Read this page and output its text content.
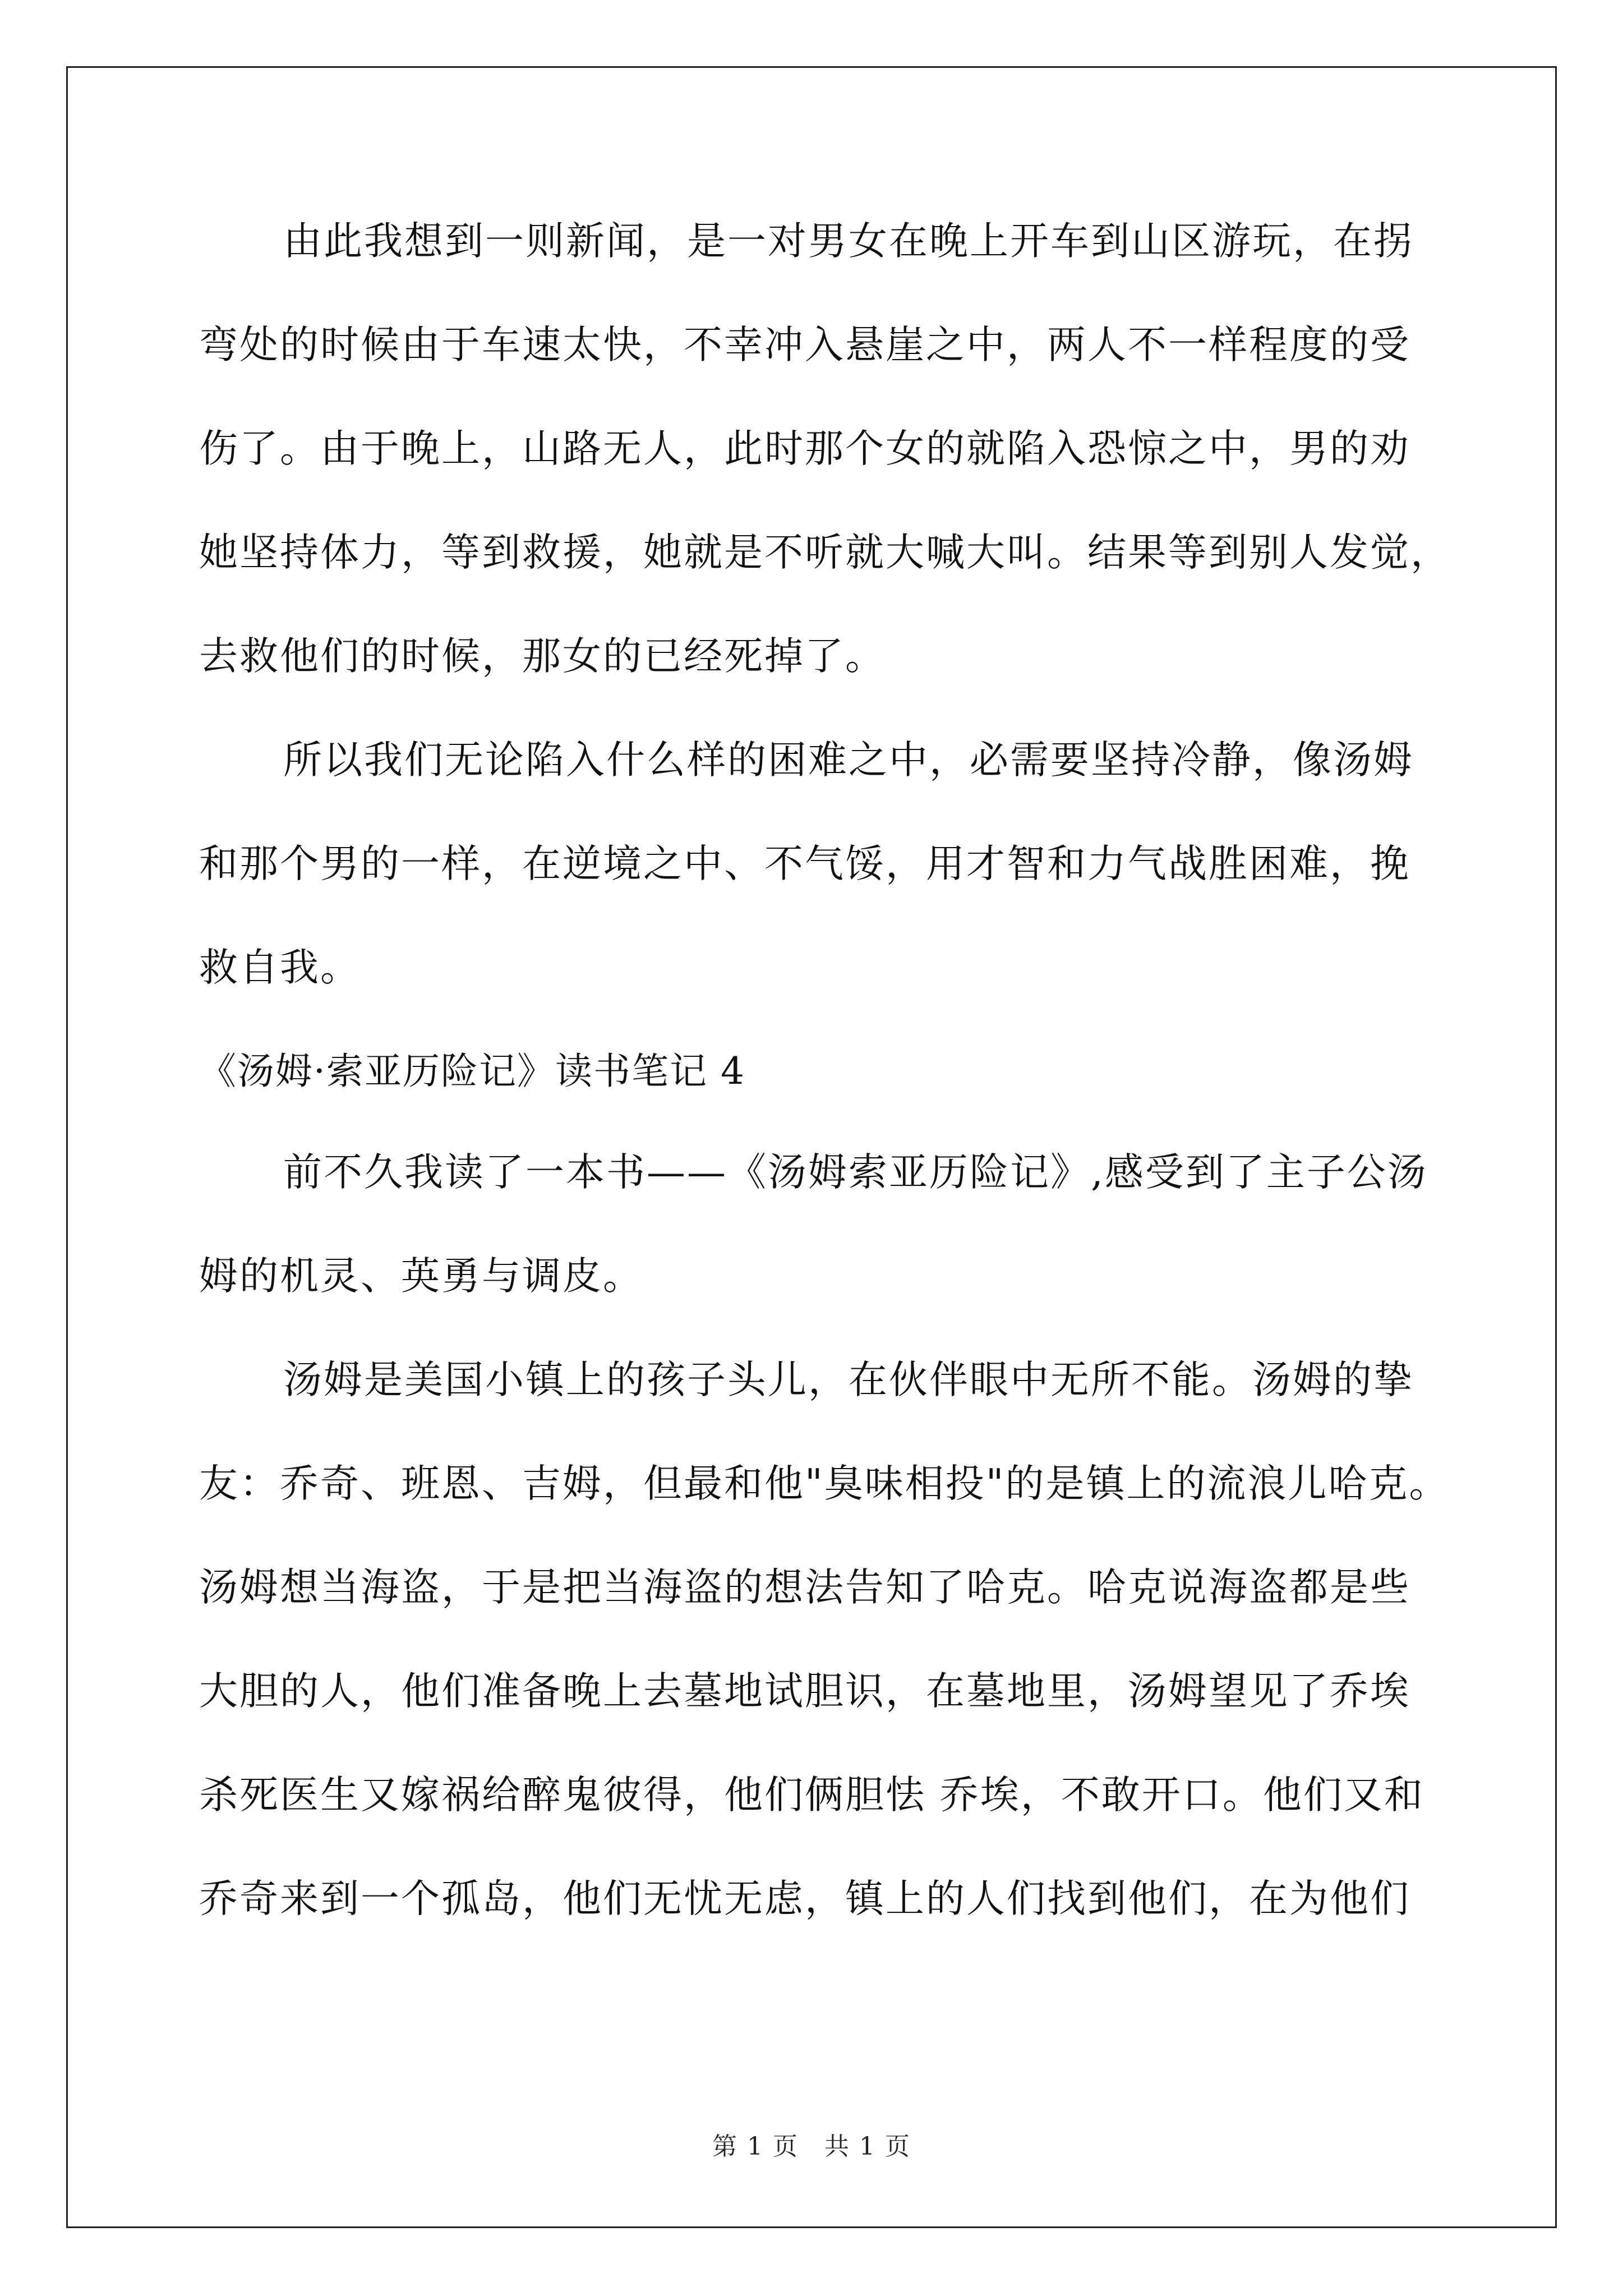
由此我想到一则新闻，是一对男女在晚上开车到山区游玩，在拐
弯处的时候由于车速太快，不幸冲入悬崖之中，两人不一样程度的受
伤了。由于晚上，山路无人，此时那个女的就陷入恐惊之中，男的劝
她坚持体力，等到救援，她就是不听就大喊大叫。结果等到别人发觉，
去救他们的时候，那女的已经死掉了。
所以我们无论陷入什么样的困难之中，必需要坚持冷静，像汤姆
和那个男的一样，在逆境之中、不气馁，用才智和力气战胜困难，挽
救自我。
《汤姆·索亚历险记》读书笔记 4
前不久我读了一本书——《汤姆索亚历险记》,感受到了主子公汤
姆的机灵、英勇与调皮。
汤姆是美国小镇上的孩子头儿，在伙伴眼中无所不能。汤姆的挚
友：乔奇、班恩、吉姆，但最和他"臭味相投"的是镇上的流浪儿哈克。
汤姆想当海盗，于是把当海盗的想法告知了哈克。哈克说海盗都是些
大胆的人，他们准备晚上去墓地试胆识，在墓地里，汤姆望见了乔埃
杀死医生又嫁祸给醉鬼彼得，他们俩胆怯 乔埃，不敢开口。他们又和
乔奇来到一个孤岛，他们无忧无虑，镇上的人们找到他们，在为他们
第 1 页　共 1 页
